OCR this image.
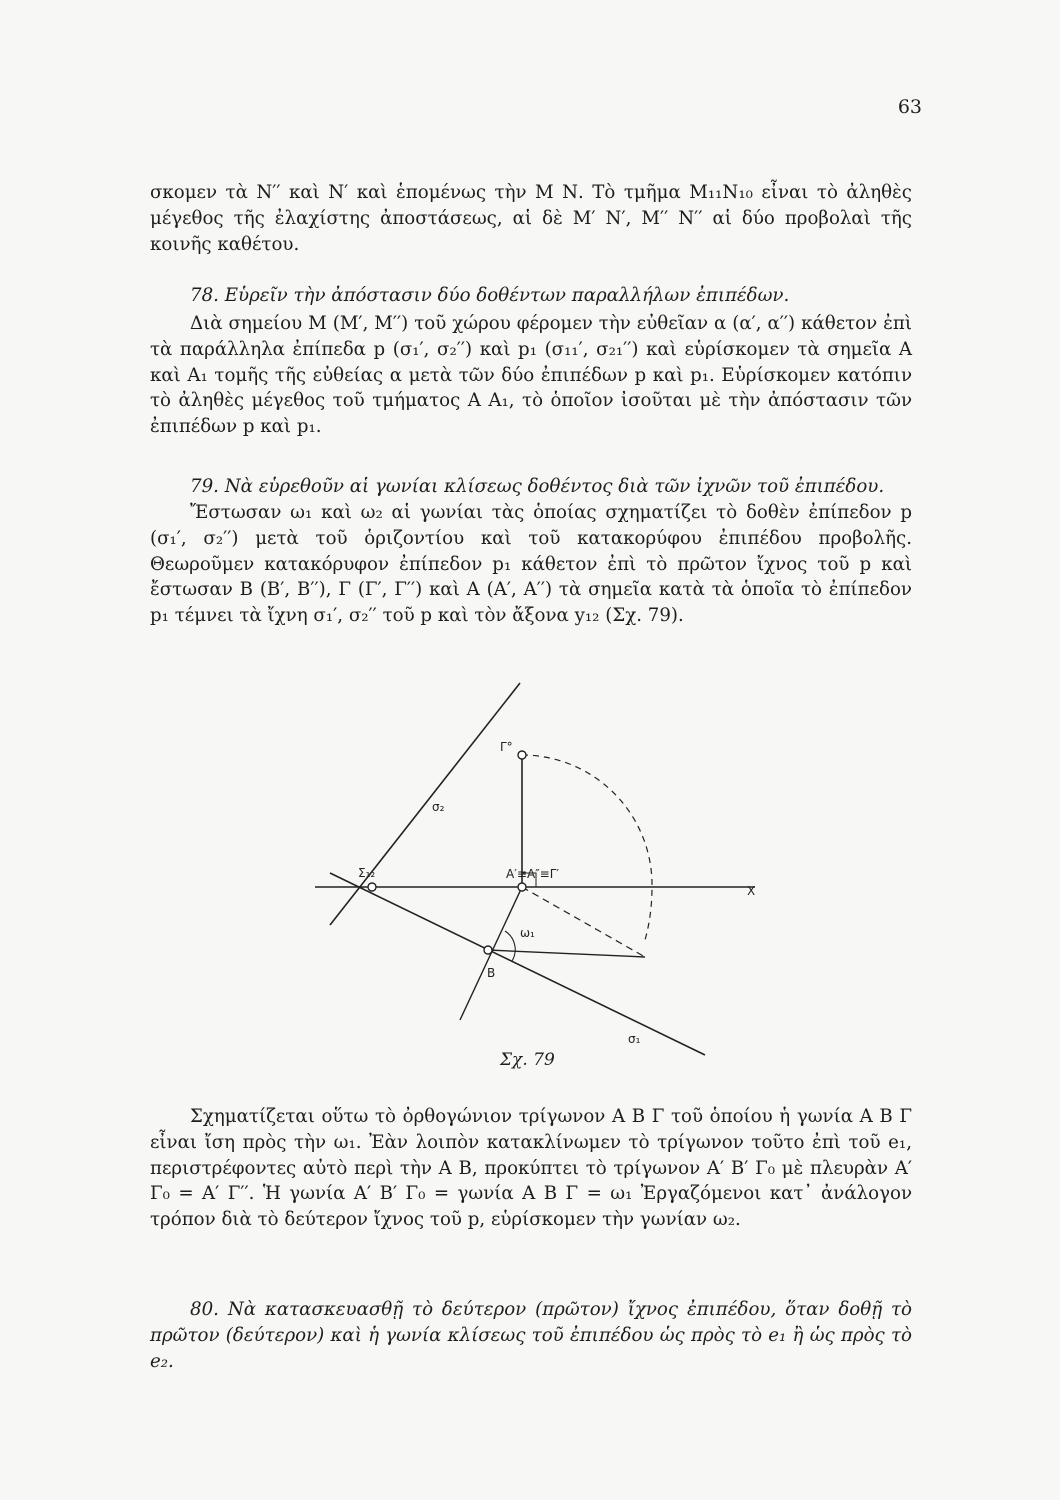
63

σκομεν τὰ Ν′′ καὶ Ν′ καὶ ἑπομένως τὴν Μ Ν. Τὸ τμῆμα Μ₁₁Ν₁₀ εἶναι τὸ ἀληθὲς μέγεθος τῆς ἐλαχίστης ἀποστάσεως, αἱ δὲ Μ′ Ν′, Μ′′ Ν′′ αἱ δύο προβολαὶ τῆς κοινῆς καθέτου.

78. Εὑρεῖν τὴν ἀπόστασιν δύο δοθέντων παραλλήλων ἐπιπέδων.

Διὰ σημείου Μ (Μ′, Μ′′) τοῦ χώρου φέρομεν τὴν εὐθεῖαν α (α′, α′′) κάθετον ἐπὶ τὰ παράλληλα ἐπίπεδα p (σ₁′, σ₂′′) καὶ p₁ (σ₁₁′, σ₂₁′′) καὶ εὑρίσκομεν τὰ σημεῖα Α καὶ Α₁ τομῆς τῆς εὐθείας α μετὰ τῶν δύο ἐπιπέδων p καὶ p₁. Εὑρίσκομεν κατόπιν τὸ ἀληθὲς μέγεθος τοῦ τμήματος Α Α₁, τὸ ὁποῖον ἰσοῦται μὲ τὴν ἀπόστασιν τῶν ἐπιπέδων p καὶ p₁.

79. Νὰ εὑρεθοῦν αἱ γωνίαι κλίσεως δοθέντος διὰ τῶν ἰχνῶν τοῦ ἐπιπέδου.

Ἔστωσαν ω₁ καὶ ω₂ αἱ γωνίαι τὰς ὁποίας σχηματίζει τὸ δοθὲν ἐπίπεδον p (σ₁′, σ₂′′) μετὰ τοῦ ὁριζοντίου καὶ τοῦ κατακορύφου ἐπιπέδου προβολῆς. Θεωροῦμεν κατακόρυφον ἐπίπεδον p₁ κάθετον ἐπὶ τὸ πρῶτον ἴχνος τοῦ p καὶ ἔστωσαν Β (Β′, Β′′), Γ (Γ′, Γ′′) καὶ Α (Α′, Α′′) τὰ σημεῖα κατὰ τὰ ὁποῖα τὸ ἐπίπεδον p₁ τέμνει τὰ ἴχνη σ₁′, σ₂′′ τοῦ p καὶ τὸν ἄξονα y₁₂ (Σχ. 79).

Γ°
σ₂
Σ₁₂	Α′≡Α″≡Γ′
Χ
ω₁
Β
σ₁
Σχ. 79

Σχηματίζεται οὕτω τὸ ὀρθογώνιον τρίγωνον Α Β Γ τοῦ ὁποίου ἡ γωνία Α Β Γ εἶναι ἴση πρὸς τὴν ω₁. Ἐὰν λοιπὸν κατακλίνωμεν τὸ τρίγωνον τοῦτο ἐπὶ τοῦ e₁, περιστρέφοντες αὐτὸ περὶ τὴν Α Β, προκύπτει τὸ τρίγωνον Α′ Β′ Γ₀ μὲ πλευρὰν Α′ Γ₀ = Α′ Γ′′. Ἡ γωνία Α′ Β′ Γ₀ = γωνία Α Β Γ = ω₁ Ἐργαζόμενοι κατ᾽ ἀνάλογον τρόπον διὰ τὸ δεύτερον ἴχνος τοῦ p, εὑρίσκομεν τὴν γωνίαν ω₂.

80. Νὰ κατασκευασθῇ τὸ δεύτερον (πρῶτον) ἴχνος ἐπιπέδου, ὅταν δοθῇ τὸ πρῶτον (δεύτερον) καὶ ἡ γωνία κλίσεως τοῦ ἐπιπέδου ὡς πρὸς τὸ e₁ ἢ ὡς πρὸς τὸ e₂.
